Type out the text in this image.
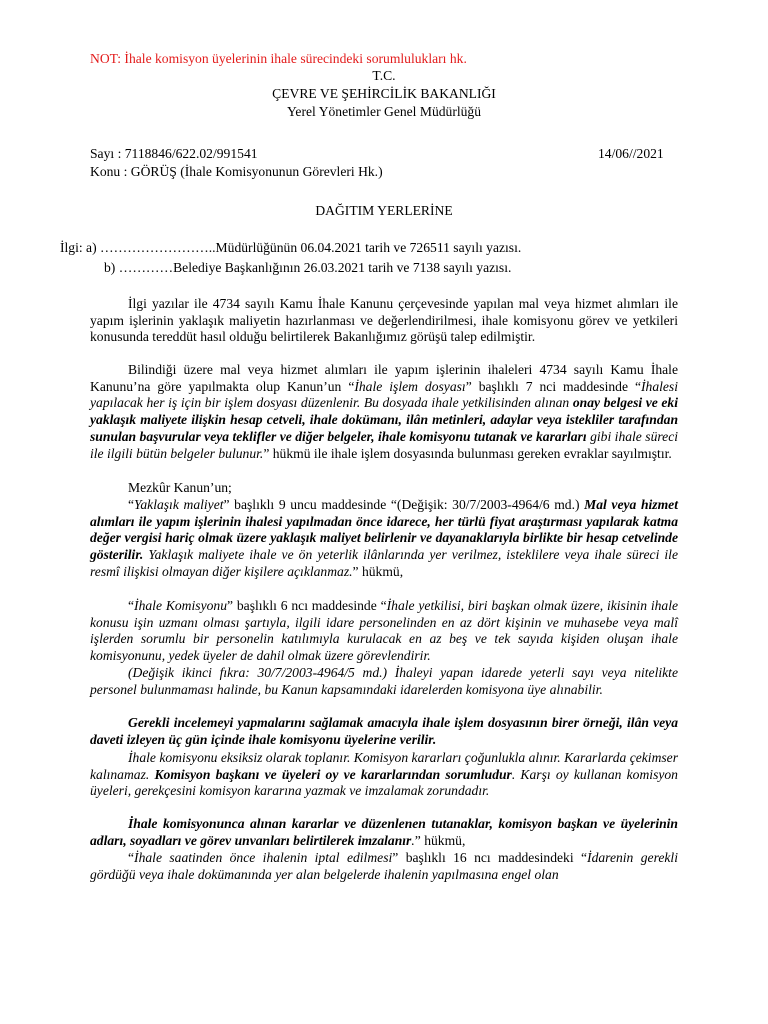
NOT: İhale komisyon üyelerinin ihale sürecindeki sorumlulukları hk.
T.C.
ÇEVRE VE ŞEHİRCİLİK BAKANLIĞI
Yerel Yönetimler Genel Müdürlüğü
Sayı : 7118846/622.02/991541	14/06//2021
Konu : GÖRÜŞ (İhale Komisyonunun Görevleri Hk.)
DAĞITIM YERLERİNE
İlgi: a) ……………………..Müdürlüğünün 06.04.2021 tarih ve 726511 sayılı yazısı.
b) …………Belediye Başkanlığının 26.03.2021 tarih ve 7138 sayılı yazısı.

İlgi yazılar ile 4734 sayılı Kamu İhale Kanunu çerçevesinde yapılan mal veya hizmet alımları ile yapım işlerinin yaklaşık maliyetin hazırlanması ve değerlendirilmesi, ihale komisyonu görev ve yetkileri konusunda tereddüt hasıl olduğu belirtilerek Bakanlığımız görüşü talep edilmiştir.

Bilindiği üzere mal veya hizmet alımları ile yapım işlerinin ihaleleri 4734 sayılı Kamu İhale Kanunu’na göre yapılmakta olup Kanun’un “İhale işlem dosyası” başlıklı 7 nci maddesinde “İhalesi yapılacak her iş için bir işlem dosyası düzenlenir. Bu dosyada ihale yetkilisinden alınan onay belgesi ve eki yaklaşık maliyete ilişkin hesap cetveli, ihale dokümanı, ilân metinleri, adaylar veya istekliler tarafından sunulan başvurular veya teklifler ve diğer belgeler, ihale komisyonu tutanak ve kararları gibi ihale süreci ile ilgili bütün belgeler bulunur.” hükmü ile ihale işlem dosyasında bulunması gereken evraklar sayılmıştır.

Mezkûr Kanun’un;

“Yaklaşık maliyet” başlıklı 9 uncu maddesinde “(Değişik: 30/7/2003-4964/6 md.) Mal veya hizmet alımları ile yapım işlerinin ihalesi yapılmadan önce idarece, her türlü fiyat araştırması yapılarak katma değer vergisi hariç olmak üzere yaklaşık maliyet belirlenir ve dayanaklarıyla birlikte bir hesap cetvelinde gösterilir. Yaklaşık maliyete ihale ve ön yeterlik ilânlarında yer verilmez, isteklilere veya ihale süreci ile resmî ilişkisi olmayan diğer kişilere açıklanmaz.” hükmü,

“İhale Komisyonu” başlıklı 6 ncı maddesinde “İhale yetkilisi, biri başkan olmak üzere, ikisinin ihale konusu işin uzmanı olması şartıyla, ilgili idare personelinden en az dört kişinin ve muhasebe veya malî işlerden sorumlu bir personelin katılımıyla kurulacak en az beş ve tek sayıda kişiden oluşan ihale komisyonunu, yedek üyeler de dahil olmak üzere görevlendirir.

(Değişik ikinci fıkra: 30/7/2003-4964/5 md.) İhaleyi yapan idarede yeterli sayı veya nitelikte personel bulunmaması halinde, bu Kanun kapsamındaki idarelerden komisyona üye alınabilir.

Gerekli incelemeyi yapmalarını sağlamak amacıyla ihale işlem dosyasının birer örneği, ilân veya daveti izleyen üç gün içinde ihale komisyonu üyelerine verilir.

İhale komisyonu eksiksiz olarak toplanır. Komisyon kararları çoğunlukla alınır. Kararlarda çekimser kalınamaz. Komisyon başkanı ve üyeleri oy ve kararlarından sorumludur. Karşı oy kullanan komisyon üyeleri, gerekçesini komisyon kararına yazmak ve imzalamak zorundadır.

İhale komisyonunca alınan kararlar ve düzenlenen tutanaklar, komisyon başkan ve üyelerinin adları, soyadları ve görev unvanları belirtilerek imzalanır.” hükmü,

“İhale saatinden önce ihalenin iptal edilmesi” başlıklı 16 ncı maddesindeki “İdarenin gerekli gördüğü veya ihale dokümanında yer alan belgelerde ihalenin yapılmasına engel olan
